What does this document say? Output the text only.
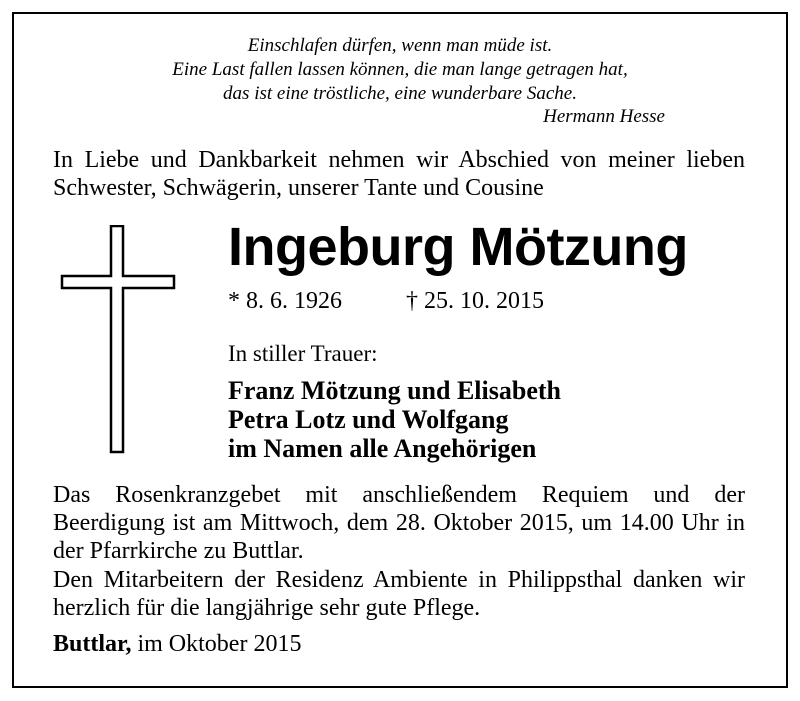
Einschlafen dürfen, wenn man müde ist.
Eine Last fallen lassen können, die man lange getragen hat,
das ist eine tröstliche, eine wunderbare Sache.
Hermann Hesse
In Liebe und Dankbarkeit nehmen wir Abschied von meiner lieben Schwester, Schwägerin, unserer Tante und Cousine
Ingeburg Mötzung
* 8. 6. 1926	† 25. 10. 2015
In stiller Trauer:
Franz Mötzung und Elisabeth
Petra Lotz und Wolfgang
im Namen alle Angehörigen
Das Rosenkranzgebet mit anschließendem Requiem und der Beerdigung ist am Mittwoch, dem 28. Oktober 2015, um 14.00 Uhr in der Pfarrkirche zu Buttlar.
Den Mitarbeitern der Residenz Ambiente in Philippsthal danken wir herzlich für die langjährige sehr gute Pflege.
Buttlar, im Oktober 2015
